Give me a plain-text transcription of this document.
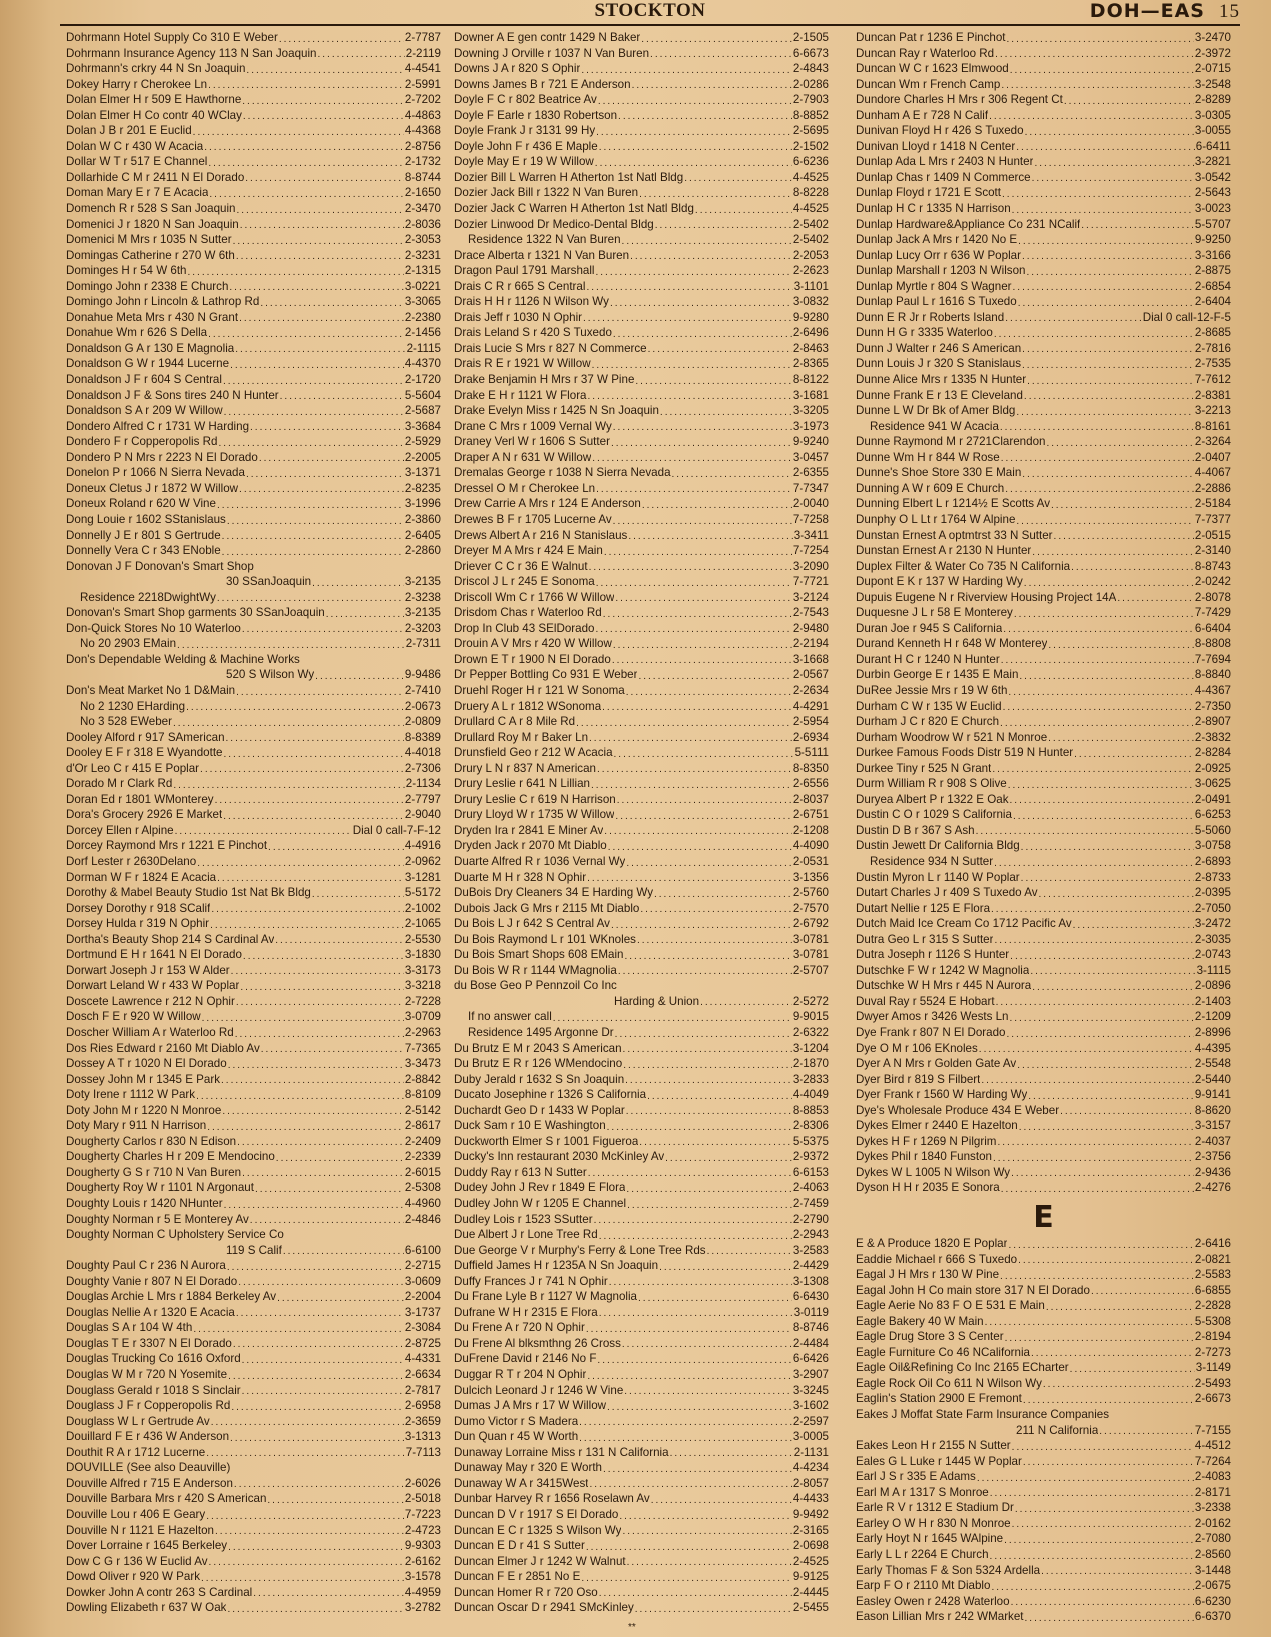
STOCKTON	DOH—EAS 15
Dohrmann Hotel Supply Co 310 E Weber .....	2-7787
Dohrmann Insurance Agency 113 N San Joaquin .....	2-2119
Dohrmann's crkry 44 N Sn Joaquin .....	4-4541
Dokey Harry r Cherokee Ln .....	2-5991
Dolan Elmer H r 509 E Hawthorne .....	2-7202
Dolan Elmer H Co contr 40 WClay .....	4-4863
Dolan J B r 201 E Euclid .....	4-4368
Dolan W C r 430 W Acacia .....	2-8756
Dollar W T r 517 E Channel .....	2-1732
Dollarhide C M r 2411 N El Dorado .....	8-8744
Doman Mary E r 7 E Acacia .....	2-1650
Domench R r 528 S San Joaquin .....	2-3470
Domenici J r 1820 N San Joaquin .....	2-8036
Domenici M Mrs r 1035 N Sutter .....	2-3053
Domingas Catherine r 270 W 6th .....	2-3231
Dominges H r 54 W 6th .....	2-1315
Domingo John r 2338 E Church .....	3-0221
Domingo John r Lincoln & Lathrop Rd .....	3-3065
Donahue Meta Mrs r 430 N Grant .....	2-2380
Donahue Wm r 626 S Della .....	2-1456
Donaldson G A r 130 E Magnolia .....	2-1115
Donaldson G W r 1944 Lucerne .....	4-4370
Donaldson J F r 604 S Central .....	2-1720
Donaldson J F & Sons tires 240 N Hunter .....	5-5604
Donaldson S A r 209 W Willow .....	2-5687
Dondero Alfred C r 1731 W Harding .....	3-3684
Dondero F r Copperopolis Rd .....	2-5929
Dondero P N Mrs r 2223 N El Dorado .....	2-2005
Donelon P r 1066 N Sierra Nevada .....	3-1371
Doneux Cletus J r 1872 W Willow .....	2-8235
Doneux Roland r 620 W Vine .....	3-1996
Dong Louie r 1602 SStanislaus .....	2-3860
Donnelly J E r 801 S Gertrude .....	2-6405
Donnelly Vera C r 343 ENoble .....	2-2860
Donovan J F Donovan's Smart Shop
30 SSanJoaquin .....	3-2135
Residence 2218DwightWy .....	2-3238
Donovan's Smart Shop garments 30 SSanJoaquin .....	3-2135
Don-Quick Stores No 10 Waterloo .....	2-3203
No 20 2903 EMain .....	2-7311
Don's Dependable Welding & Machine Works
520 S Wilson Wy .....	9-9486
Don's Meat Market No 1 D&Main .....	2-7410
No 2 1230 EHarding .....	2-0673
No 3 528 EWeber .....	2-0809
Dooley Alford r 917 SAmerican .....	8-8389
Dooley E F r 318 E Wyandotte .....	4-4018
d'Or Leo C r 415 E Poplar .....	2-7306
Dorado M r Clark Rd .....	2-1134
Doran Ed r 1801 WMonterey .....	2-7797
Dora's Grocery 2926 E Market .....	2-9040
Dorcey Ellen r Alpine .....	Dial 0 call-7-F-12
Dorcey Raymond Mrs r 1221 E Pinchot .....	4-4916
Dorf Lester r 2630Delano .....	2-0962
Dorman W F r 1824 E Acacia .....	3-1281
Dorothy & Mabel Beauty Studio 1st Nat Bk Bldg .....	5-5172
Dorsey Dorothy r 918 SCalif .....	2-1002
Dorsey Hulda r 319 N Ophir .....	2-1065
Dortha's Beauty Shop 214 S Cardinal Av .....	2-5530
Dortmund E H r 1641 N El Dorado .....	3-1830
Dorwart Joseph J r 153 W Alder .....	3-3173
Dorwart Leland W r 433 W Poplar .....	3-3218
Doscete Lawrence r 212 N Ophir .....	2-7228
Dosch F E r 920 W Willow .....	3-0709
Doscher William A r Waterloo Rd .....	2-2963
Dos Ries Edward r 2160 Mt Diablo Av .....	7-7365
Dossey A T r 1020 N El Dorado .....	3-3473
Dossey John M r 1345 E Park .....	2-8842
Doty Irene r 1112 W Park .....	8-8109
Doty John M r 1220 N Monroe .....	2-5142
Doty Mary r 911 N Harrison .....	2-8617
Dougherty Carlos r 830 N Edison .....	2-2409
Dougherty Charles H r 209 E Mendocino .....	2-2339
Dougherty G S r 710 N Van Buren .....	2-6015
Dougherty Roy W r 1101 N Argonaut .....	2-5308
Doughty Louis r 1420 NHunter .....	4-4960
Doughty Norman r 5 E Monterey Av .....	2-4846
Doughty Norman C Upholstery Service Co
119 S Calif .....	6-6100
Doughty Paul C r 236 N Aurora .....	2-2715
Doughty Vanie r 807 N El Dorado .....	3-0609
Douglas Archie L Mrs r 1884 Berkeley Av .....	2-2004
Douglas Nellie A r 1320 E Acacia .....	3-1737
Douglas S A r 104 W 4th .....	2-3084
Douglas T E r 3307 N El Dorado .....	2-8725
Douglas Trucking Co 1616 Oxford .....	4-4331
Douglas W M r 720 N Yosemite .....	2-6634
Douglass Gerald r 1018 S Sinclair .....	2-7817
Douglass J F r Copperopolis Rd .....	2-6958
Douglass W L r Gertrude Av .....	2-3659
Douillard F E r 436 W Anderson .....	3-1313
Douthit R A r 1712 Lucerne .....	7-7113
DOUVILLE (See also Deauville)
Douville Alfred r 715 E Anderson .....	2-6026
Douville Barbara Mrs r 420 S American .....	2-5018
Douville Lou r 406 E Geary .....	7-7223
Douville N r 1121 E Hazelton .....	2-4723
Dover Lorraine r 1645 Berkeley .....	9-9303
Dow C G r 136 W Euclid Av .....	2-6162
Dowd Oliver r 920 W Park .....	3-1578
Dowker John A contr 263 S Cardinal .....	4-4959
Dowling Elizabeth r 637 W Oak .....	3-2782
Downer A E gen contr 1429 N Baker .....	2-1505
Downing J Orville r 1037 N Van Buren .....	6-6673
Downs J A r 820 S Ophir .....	2-4843
Downs James B r 721 E Anderson .....	2-0286
Doyle F C r 802 Beatrice Av .....	2-7903
Doyle F Earle r 1830 Robertson .....	8-8852
Doyle Frank J r 3131 99 Hy .....	2-5695
Doyle John F r 436 E Maple .....	2-1502
Doyle May E r 19 W Willow .....	6-6236
Dozier Bill L Warren H Atherton 1st Natl Bldg .....	4-4525
Dozier Jack Bill r 1322 N Van Buren .....	8-8228
Dozier Jack C Warren H Atherton 1st Natl Bldg .....	4-4525
Dozier Linwood Dr Medico-Dental Bldg .....	2-5402
Residence 1322 N Van Buren .....	2-5402
Drace Alberta r 1321 N Van Buren .....	2-2053
Dragon Paul 1791 Marshall .....	2-2623
Drais C R r 665 S Central .....	3-1101
Drais H H r 1126 N Wilson Wy .....	3-0832
Drais Jeff r 1030 N Ophir .....	9-9280
Drais Leland S r 420 S Tuxedo .....	2-6496
Drais Lucie S Mrs r 827 N Commerce .....	2-8463
Drais R E r 1921 W Willow .....	2-8365
Drake Benjamin H Mrs r 37 W Pine .....	8-8122
Drake E H r 1121 W Flora .....	3-1681
Drake Evelyn Miss r 1425 N Sn Joaquin .....	3-3205
Drane C Mrs r 1009 Vernal Wy .....	3-1973
Draney Verl W r 1606 S Sutter .....	9-9240
Draper A N r 631 W Willow .....	3-0457
Dremalas George r 1038 N Sierra Nevada .....	2-6355
Dressel O M r Cherokee Ln .....	7-7347
Drew Carrie A Mrs r 124 E Anderson .....	2-0040
Drewes B F r 1705 Lucerne Av .....	7-7258
Drews Albert A r 216 N Stanislaus .....	3-3411
Dreyer M A Mrs r 424 E Main .....	7-7254
Driever C C r 36 E Walnut .....	3-2090
Driscol J L r 245 E Sonoma .....	7-7721
Driscoll Wm C r 1766 W Willow .....	3-2124
Drisdom Chas r Waterloo Rd .....	2-7543
Drop In Club 43 SElDorado .....	2-9480
Drouin A V Mrs r 420 W Willow .....	2-2194
Drown E T r 1900 N El Dorado .....	3-1668
Dr Pepper Bottling Co 931 E Weber .....	2-0567
Druehl Roger H r 121 W Sonoma .....	2-2634
Druery A L r 1812 WSonoma .....	4-4291
Drullard C A r 8 Mile Rd .....	2-5954
Drullard Roy M r Baker Ln .....	2-6934
Drunsfield Geo r 212 W Acacia .....	5-5111
Drury L N r 837 N American .....	8-8350
Drury Leslie r 641 N Lillian .....	2-6556
Drury Leslie C r 619 N Harrison .....	2-8037
Drury Lloyd W r 1735 W Willow .....	2-6751
Dryden Ira r 2841 E Miner Av .....	2-1208
Dryden Jack r 2070 Mt Diablo .....	4-4090
Duarte Alfred R r 1036 Vernal Wy .....	2-0531
Duarte M H r 328 N Ophir .....	3-1356
DuBois Dry Cleaners 34 E Harding Wy .....	2-5760
Dubois Jack G Mrs r 2115 Mt Diablo .....	2-7570
Du Bois L J r 642 S Central Av .....	2-6792
Du Bois Raymond L r 101 WKnoles .....	3-0781
Du Bois Smart Shops 608 EMain .....	3-0781
Du Bois W R r 1144 WMagnolia .....	2-5707
du Bose Geo P Pennzoil Co Inc
Harding & Union .....	2-5272
If no answer call .....	9-9015
Residence 1495 Argonne Dr .....	2-6322
Du Brutz E M r 2043 S American .....	3-1204
Du Brutz E R r 126 WMendocino .....	2-1870
Duby Jerald r 1632 S Sn Joaquin .....	3-2833
Ducato Josephine r 1326 S California .....	4-4049
Duchardt Geo D r 1433 W Poplar .....	8-8853
Duck Sam r 10 E Washington .....	2-8306
Duckworth Elmer S r 1001 Figueroa .....	5-5375
Ducky's Inn restaurant 2030 McKinley Av .....	2-9372
Duddy Ray r 613 N Sutter .....	6-6153
Dudey John J Rev r 1849 E Flora .....	2-4063
Dudley John W r 1205 E Channel .....	2-7459
Dudley Lois r 1523 SSutter .....	2-2790
Due Albert J r Lone Tree Rd .....	2-2943
Due George V r Murphy's Ferry & Lone Tree Rds .....	3-2583
Duffield James H r 1235A N Sn Joaquin .....	2-4429
Duffy Frances J r 741 N Ophir .....	3-1308
Du Frane Lyle B r 1127 W Magnolia .....	6-6430
Dufrane W H r 2315 E Flora .....	3-0119
Du Frene A r 720 N Ophir .....	8-8746
Du Frene Al blksmthng 26 Cross .....	2-4484
DuFrene David r 2146 No F .....	6-6426
Duggar R T r 204 N Ophir .....	3-2907
Dulcich Leonard J r 1246 W Vine .....	3-3245
Dumas J A Mrs r 17 W Willow .....	3-1602
Dumo Victor r S Madera .....	2-2597
Dun Quan r 45 W Worth .....	3-0005
Dunaway Lorraine Miss r 131 N California .....	2-1131
Dunaway May r 320 E Worth .....	4-4234
Dunaway W A r 3415West .....	2-8057
Dunbar Harvey R r 1656 Roselawn Av .....	4-4433
Duncan D V r 1917 S El Dorado .....	9-9492
Duncan E C r 1325 S Wilson Wy .....	2-3165
Duncan E D r 41 S Sutter .....	2-0698
Duncan Elmer J r 1242 W Walnut .....	2-4525
Duncan F E r 2851 No E .....	9-9125
Duncan Homer R r 720 Oso .....	2-4445
Duncan Oscar D r 2941 SMcKinley .....	2-5455
Duncan Pat r 1236 E Pinchot .....	3-2470
Duncan Ray r Waterloo Rd .....	2-3972
Duncan W C r 1623 Elmwood .....	2-0715
Duncan Wm r French Camp .....	3-2548
Dundore Charles H Mrs r 306 Regent Ct .....	2-8289
Dunham A E r 728 N Calif .....	3-0305
Dunivan Floyd H r 426 S Tuxedo .....	3-0055
Dunivan Lloyd r 1418 N Center .....	6-6411
Dunlap Ada L Mrs r 2403 N Hunter .....	3-2821
Dunlap Chas r 1409 N Commerce .....	3-0542
Dunlap Floyd r 1721 E Scott .....	2-5643
Dunlap H C r 1335 N Harrison .....	3-0023
Dunlap Hardware&Appliance Co 231 NCalif .....	5-5707
Dunlap Jack A Mrs r 1420 No E .....	9-9250
Dunlap Lucy Orr r 636 W Poplar .....	3-3166
Dunlap Marshall r 1203 N Wilson .....	2-8875
Dunlap Myrtle r 804 S Wagner .....	2-6854
Dunlap Paul L r 1616 S Tuxedo .....	2-6404
Dunn E R Jr r Roberts Island .....	Dial 0 call-12-F-5
Dunn H G r 3335 Waterloo .....	2-8685
Dunn J Walter r 246 S American .....	2-7816
Dunn Louis J r 320 S Stanislaus .....	2-7535
Dunne Alice Mrs r 1335 N Hunter .....	7-7612
Dunne Frank E r 13 E Cleveland .....	2-8381
Dunne L W Dr Bk of Amer Bldg .....	3-2213
Residence 941 W Acacia .....	8-8161
Dunne Raymond M r 2721Clarendon .....	2-3264
Dunne Wm H r 844 W Rose .....	2-0407
Dunne's Shoe Store 330 E Main .....	4-4067
Dunning A W r 609 E Church .....	2-2886
Dunning Elbert L r 1214½ E Scotts Av .....	2-5184
Dunphy O L Lt r 1764 W Alpine .....	7-7377
Dunstan Ernest A optmtrst 33 N Sutter .....	2-0515
Dunstan Ernest A r 2130 N Hunter .....	2-3140
Duplex Filter & Water Co 735 N California .....	8-8743
Dupont E K r 137 W Harding Wy .....	2-0242
Dupuis Eugene N r Riverview Housing Project 14A .....	2-8078
Duquesne J L r 58 E Monterey .....	7-7429
Duran Joe r 945 S California .....	6-6404
Durand Kenneth H r 648 W Monterey .....	8-8808
Durant H C r 1240 N Hunter .....	7-7694
Durbin George E r 1435 E Main .....	8-8840
DuRee Jessie Mrs r 19 W 6th .....	4-4367
Durham C W r 135 W Euclid .....	2-7350
Durham J C r 820 E Church .....	2-8907
Durham Woodrow W r 521 N Monroe .....	2-3832
Durkee Famous Foods Distr 519 N Hunter .....	2-8284
Durkee Tiny r 525 N Grant .....	2-0925
Durm William R r 908 S Olive .....	3-0625
Duryea Albert P r 1322 E Oak .....	2-0491
Dustin C O r 1029 S California .....	6-6253
Dustin D B r 367 S Ash .....	5-5060
Dustin Jewett Dr California Bldg .....	3-0758
Residence 934 N Sutter .....	2-6893
Dustin Myron L r 1140 W Poplar .....	2-8733
Dutart Charles J r 409 S Tuxedo Av .....	2-0395
Dutart Nellie r 125 E Flora .....	2-7050
Dutch Maid Ice Cream Co 1712 Pacific Av .....	3-2472
Dutra Geo L r 315 S Sutter .....	2-3035
Dutra Joseph r 1126 S Hunter .....	2-0743
Dutschke F W r 1242 W Magnolia .....	3-1115
Dutschke W H Mrs r 445 N Aurora .....	2-0896
Duval Ray r 5524 E Hobart .....	2-1403
Dwyer Amos r 3426 Wests Ln .....	2-1209
Dye Frank r 807 N El Dorado .....	2-8996
Dye O M r 106 EKnoles .....	4-4395
Dyer A N Mrs r Golden Gate Av .....	2-5548
Dyer Bird r 819 S Filbert .....	2-5440
Dyer Frank r 1560 W Harding Wy .....	9-9141
Dye's Wholesale Produce 434 E Weber .....	8-8620
Dykes Elmer r 2440 E Hazelton .....	3-3157
Dykes H F r 1269 N Pilgrim .....	2-4037
Dykes Phil r 1840 Funston .....	2-3756
Dykes W L 1005 N Wilson Wy .....	2-9436
Dyson H H r 2035 E Sonora .....	2-4276
E
E & A Produce 1820 E Poplar .....	2-6416
Eaddie Michael r 666 S Tuxedo .....	2-0821
Eagal J H Mrs r 130 W Pine .....	2-5583
Eagal John H Co main store 317 N El Dorado .....	6-6855
Eagle Aerie No 83 F O E 531 E Main .....	2-2828
Eagle Bakery 40 W Main .....	5-5308
Eagle Drug Store 3 S Center .....	2-8194
Eagle Furniture Co 46 NCalifornia .....	2-7273
Eagle Oil&Refining Co Inc 2165 ECharter .....	3-1149
Eagle Rock Oil Co 611 N Wilson Wy .....	2-5493
Eaglin's Station 2900 E Fremont .....	2-6673
Eakes J Moffat State Farm Insurance Companies
211 N California .....	7-7155
Eakes Leon H r 2155 N Sutter .....	4-4512
Eales G L Luke r 1445 W Poplar .....	7-7264
Earl J S r 335 E Adams .....	2-4083
Earl M A r 1317 S Monroe .....	2-8171
Earle R V r 1312 E Stadium Dr .....	3-2338
Earley O W H r 830 N Monroe .....	2-0162
Early Hoyt N r 1645 WAlpine .....	2-7080
Early L L r 2264 E Church .....	2-8560
Early Thomas F & Son 5324 Ardella .....	3-1448
Earp F O r 2110 Mt Diablo .....	2-0675
Easley Owen r 2428 Waterloo .....	6-6230
Eason Lillian Mrs r 242 WMarket .....	6-6370
**
